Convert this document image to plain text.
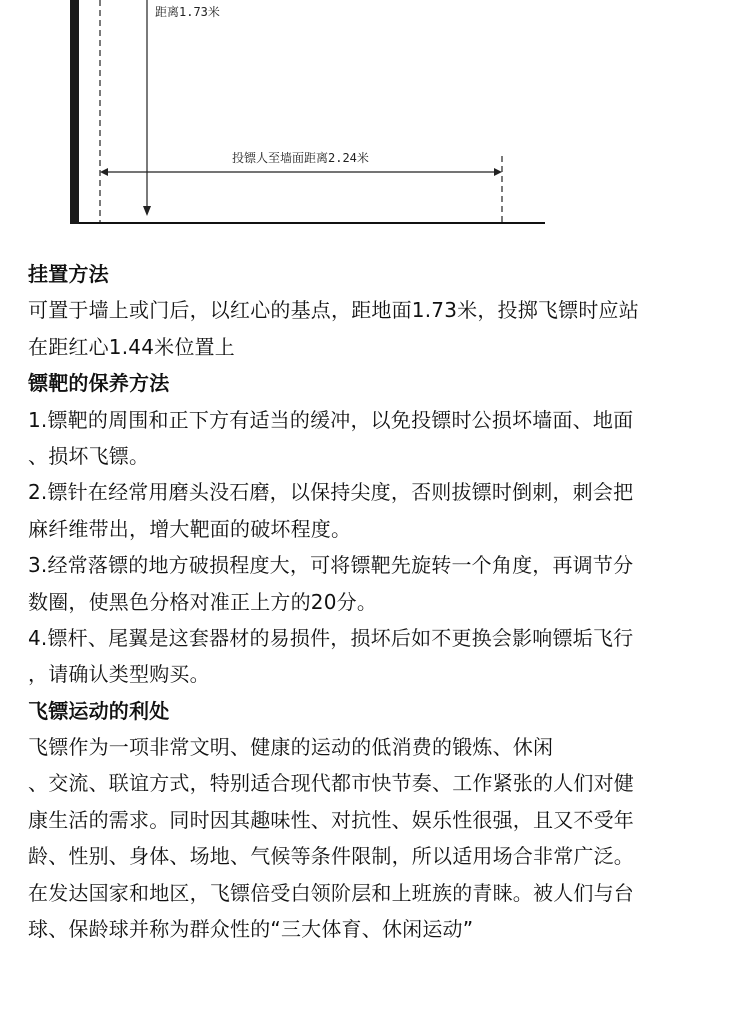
距离1.73米
投镖人至墙面距离2.24米
挂置方法
可置于墙上或门后，以红心的基点，距地面1.73米，投掷飞镖时应站
在距红心1.44米位置上
镖靶的保养方法
1.镖靶的周围和正下方有适当的缓冲，以免投镖时公损坏墙面、地面
、损坏飞镖。
2.镖针在经常用磨头没石磨，以保持尖度，否则拔镖时倒刺，刺会把
麻纤维带出，增大靶面的破坏程度。
3.经常落镖的地方破损程度大，可将镖靶先旋转一个角度，再调节分
数圈，使黑色分格对准正上方的20分。
4.镖杆、尾翼是这套器材的易损件，损坏后如不更换会影响镖垢飞行
，请确认类型购买。
飞镖运动的利处
飞镖作为一项非常文明、健康的运动的低消费的锻炼、休闲
、交流、联谊方式，特别适合现代都市快节奏、工作紧张的人们对健
康生活的需求。同时因其趣味性、对抗性、娱乐性很强，且又不受年
龄、性别、身体、场地、气候等条件限制，所以适用场合非常广泛。
在发达国家和地区，飞镖倍受白领阶层和上班族的青睐。被人们与台
球、保龄球并称为群众性的“三大体育、休闲运动”
